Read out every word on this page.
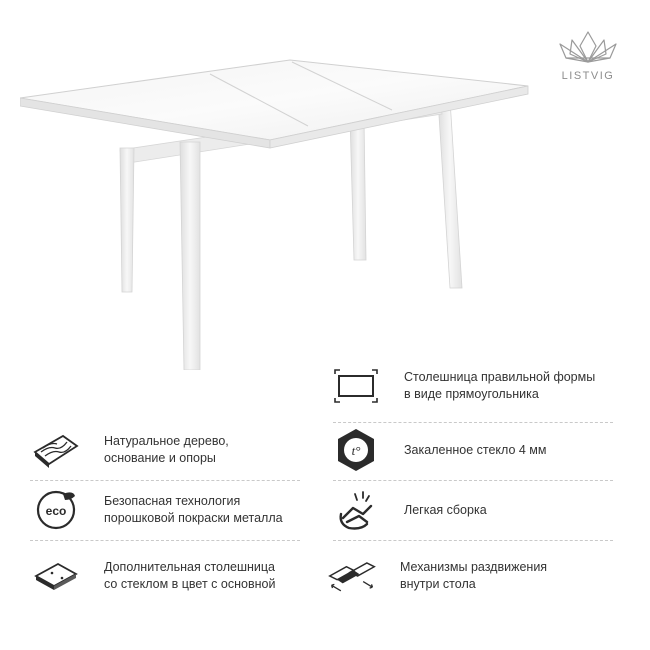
LISTVIG
Столешница правильной формы
в виде прямоугольника
Натуральное дерево,
основание и опоры	t°	Закаленное стекло 4 мм
eco
Безопасная технология
порошковой покраски металла
Легкая сборка
Дополнительная столешница
со стеклом в цвет с основной
Механизмы раздвижения
внутри стола
